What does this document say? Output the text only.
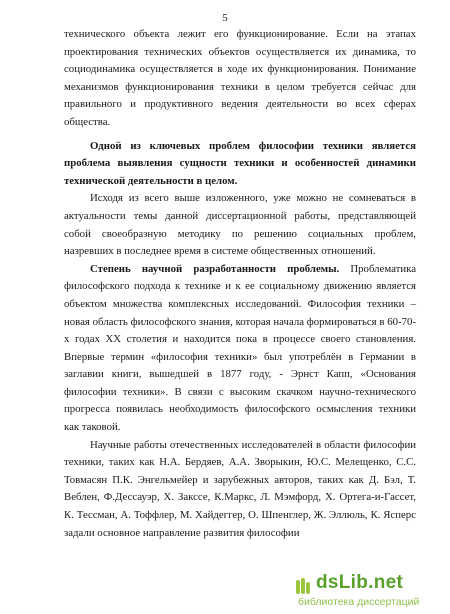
5

технического объекта лежит его функционирование. Если на этапах проектирования технических объектов осуществляется их динамика, то социодинамика осуществляется в ходе их функционирования. Понимание механизмов функционирования техники в целом требуется сейчас для правильного и продуктивного ведения деятельности во всех сферах общества.

Одной из ключевых проблем философии техники является проблема выявления сущности техники и особенностей динамики технической деятельности в целом.

Исходя из всего выше изложенного, уже можно не сомневаться в актуальности темы данной диссертационной работы, представляющей собой своеобразную методику по решению социальных проблем, назревших в последнее время в системе общественных отношений.

Степень научной разработанности проблемы. Проблематика философского подхода к технике и к ее социальному движению является объектом множества комплексных исследований. Философия техники – новая область философского знания, которая начала формироваться в 60-70-х годах XX столетия и находится пока в процессе своего становления. Впервые термин «философия техники» был употреблён в Германии в заглавии книги, вышедшей в 1877 году, - Эрнст Капп, «Основания философии техники». В связи с высоким скачком научно-технического прогресса появилась необходимость философского осмысления техники как таковой.

Научные работы отечественных исследователей в области философии техники, таких как Н.А. Бердяев, А.А. Зворыкин, Ю.С. Мелещенко, С.С. Товмасян П.К. Энгельмейер и зарубежных авторов, таких как Д. Бэл, Т. Веблен, Ф.Дессауэр, Х. Закссе, К.Маркс, Л. Мэмфорд, Х. Ортега-и-Гассет, К. Тессман, А. Тоффлер, М. Хайдеггер, О. Шпенглер, Ж. Эллюль, К. Ясперс задали основное направление развития философии

dsLib.net
библиотека диссертаций
